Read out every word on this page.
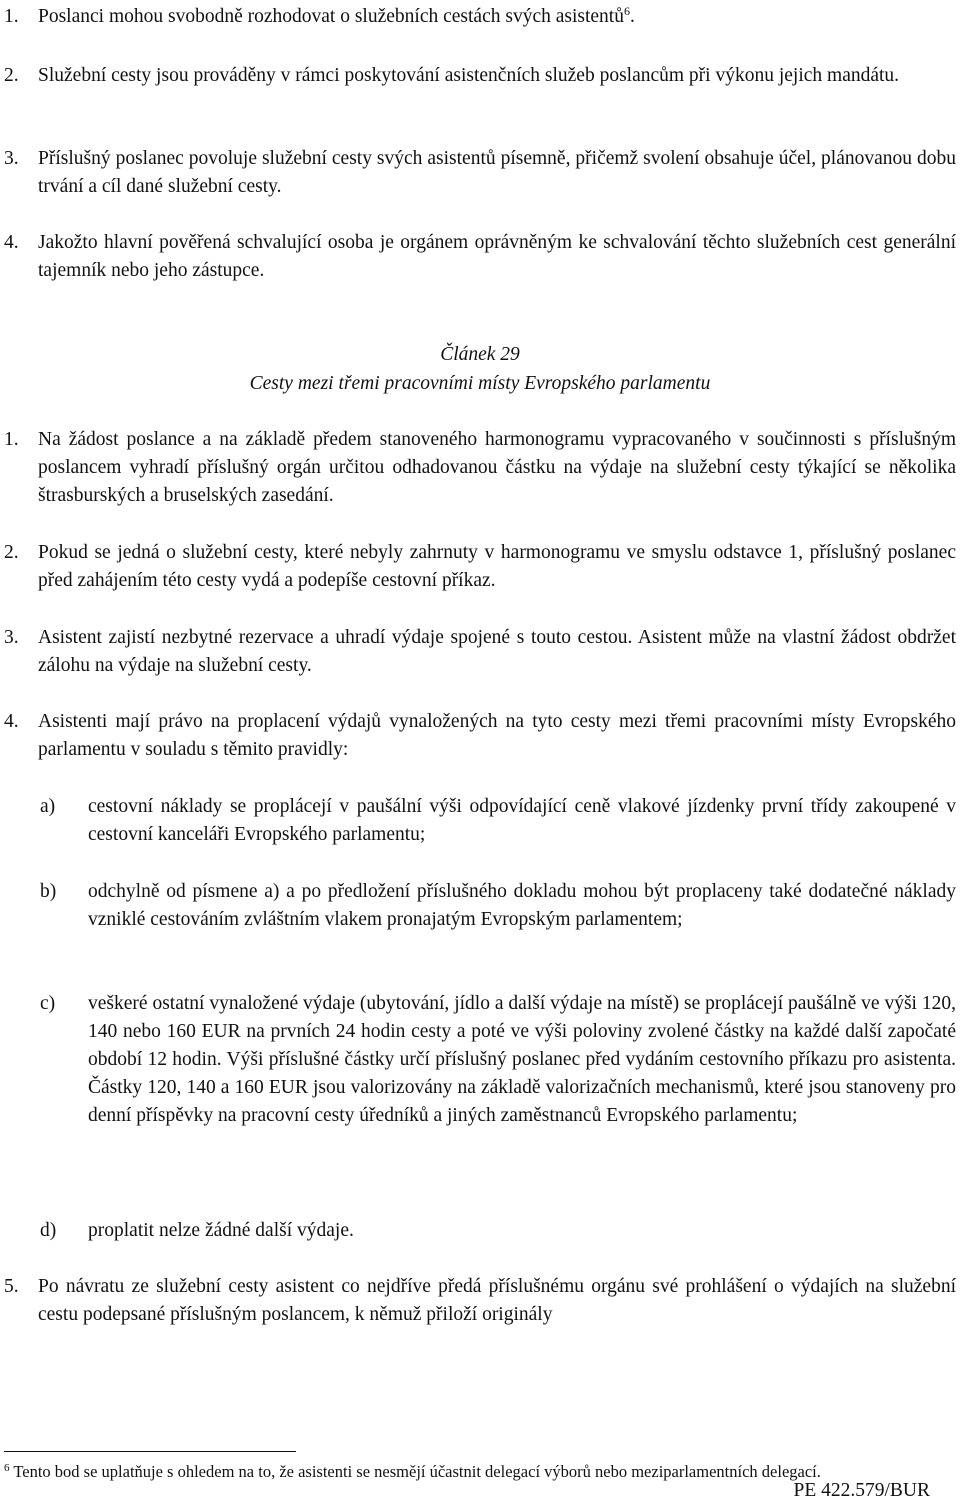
1. Poslanci mohou svobodně rozhodovat o služebních cestách svých asistentů$^6$.
2. Služební cesty jsou prováděny v rámci poskytování asistenčních služeb poslancům při výkonu jejich mandátu.
3. Příslušný poslanec povoluje služební cesty svých asistentů písemně, přičemž svolení obsahuje účel, plánovanou dobu trvání a cíl dané služební cesty.
4. Jakožto hlavní pověřená schvalující osoba je orgánem oprávněným ke schvalování těchto služebních cest generální tajemník nebo jeho zástupce.
Článek 29
Cesty mezi třemi pracovními místy Evropského parlamentu
1. Na žádost poslance a na základě předem stanoveného harmonogramu vypracovaného v součinnosti s příslušným poslancem vyhradí příslušný orgán určitou odhadovanou částku na výdaje na služební cesty týkající se několika štrasburských a bruselských zasedání.
2. Pokud se jedná o služební cesty, které nebyly zahrnuty v harmonogramu ve smyslu odstavce 1, příslušný poslanec před zahájením této cesty vydá a podepíše cestovní příkaz.
3. Asistent zajistí nezbytné rezervace a uhradí výdaje spojené s touto cestou. Asistent může na vlastní žádost obdržet zálohu na výdaje na služební cesty.
4. Asistenti mají právo na proplacení výdajů vynaložených na tyto cesty mezi třemi pracovními místy Evropského parlamentu v souladu s těmito pravidly:
a) cestovní náklady se proplácejí v paušální výši odpovídající ceně vlakové jízdenky první třídy zakoupené v cestovní kanceláři Evropského parlamentu;
b) odchylně od písmene a) a po předložení příslušného dokladu mohou být proplaceny také dodatečné náklady vzniklé cestováním zvláštním vlakem pronajatým Evropským parlamentem;
c) veškeré ostatní vynaložené výdaje (ubytování, jídlo a další výdaje na místě) se proplácejí paušálně ve výši 120, 140 nebo 160 EUR na prvních 24 hodin cesty a poté ve výši poloviny zvolené částky na každé další započaté období 12 hodin. Výši příslušné částky určí příslušný poslanec před vydáním cestovního příkazu pro asistenta. Částky 120, 140 a 160 EUR jsou valorizovány na základě valorizačních mechanismů, které jsou stanoveny pro denní příspěvky na pracovní cesty úředníků a jiných zaměstnanců Evropského parlamentu;
d) proplatit nelze žádné další výdaje.
5. Po návratu ze služební cesty asistent co nejdříve předá příslušnému orgánu své prohlášení o výdajích na služební cestu podepsané příslušným poslancem, k němuž přiloží originály
$^6$ Tento bod se uplatňuje s ohledem na to, že asistenti se nesmějí účastnit delegací výborů nebo meziparlamentních delegací.
PE 422.579/BUR
